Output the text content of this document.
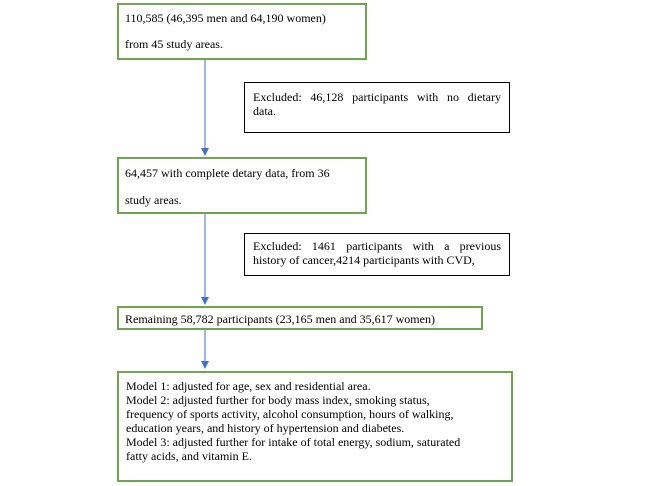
110,585 (46,395 men and 64,190 women)
from 45 study areas.
Excluded: 46,128 participants with no dietary
data.
64,457 with complete detary data, from 36
study areas.
Excluded: 1461 participants with a previous
history of cancer,4214 participants with CVD,
Remaining 58,782 participants (23,165 men and 35,617 women)
Model 1: adjusted for age, sex and residential area.
Model 2: adjusted further for body mass index, smoking status,
frequency of sports activity, alcohol consumption, hours of walking,
education years, and history of hypertension and diabetes.
Model 3: adjusted further for intake of total energy, sodium, saturated
fatty acids, and vitamin E.
